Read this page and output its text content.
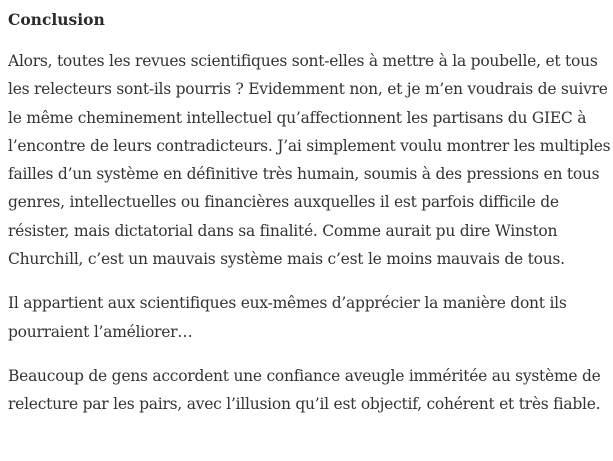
Conclusion

Alors, toutes les revues scientifiques sont-elles à mettre à la poubelle, et tous
les relecteurs sont-ils pourris ? Evidemment non, et je m’en voudrais de suivre
le même cheminement intellectuel qu’affectionnent les partisans du GIEC à
l’encontre de leurs contradicteurs. J’ai simplement voulu montrer les multiples
failles d’un système en définitive très humain, soumis à des pressions en tous
genres, intellectuelles ou financières auxquelles il est parfois difficile de
résister, mais dictatorial dans sa finalité. Comme aurait pu dire Winston
Churchill, c’est un mauvais système mais c’est le moins mauvais de tous.

Il appartient aux scientifiques eux-mêmes d’apprécier la manière dont ils
pourraient l’améliorer…

Beaucoup de gens accordent une confiance aveugle imméritée au système de
relecture par les pairs, avec l’illusion qu’il est objectif, cohérent et très fiable.
